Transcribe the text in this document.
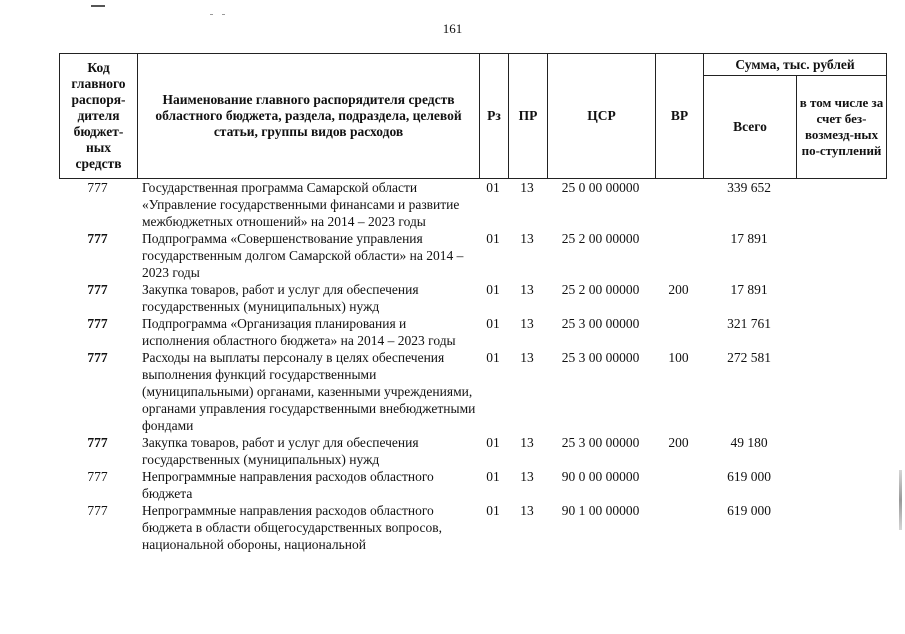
161
Код главного распоря-дителя бюджет-ных средств	Наименование главного распорядителя средств областного бюджета, раздела, подраздела, целевой статьи, группы видов расходов	Рз	ПР	ЦСР	ВР	Сумма, тыс. рублей	
						Всего	в том числе за счет без-возмезд-ных по-ступлений
777	Государственная программа Самарской области «Управление государственными финансами и развитие межбюджетных отношений» на 2014 – 2023 годы	01	13	25 0 00 00000		339 652	
777	Подпрограмма «Совершенствование управления государственным долгом Самарской области» на 2014 – 2023 годы	01	13	25 2 00 00000		17 891	
777	Закупка товаров, работ и услуг для обеспечения государственных (муниципальных) нужд	01	13	25 2 00 00000	200	17 891	
777	Подпрограмма «Организация планирования и исполнения областного бюджета» на 2014 – 2023 годы	01	13	25 3 00 00000		321 761	
777	Расходы на выплаты персоналу в целях обеспечения выполнения функций государственными (муниципальными) органами, казенными учреждениями, органами управления государственными внебюджетными фондами	01	13	25 3 00 00000	100	272 581	
777	Закупка товаров, работ и услуг для обеспечения государственных (муниципальных) нужд	01	13	25 3 00 00000	200	49 180	
777	Непрограммные направления расходов областного бюджета	01	13	90 0 00 00000		619 000	
777	Непрограммные направления расходов областного бюджета в области общегосударственных вопросов, национальной обороны, национальной	01	13	90 1 00 00000		619 000	
